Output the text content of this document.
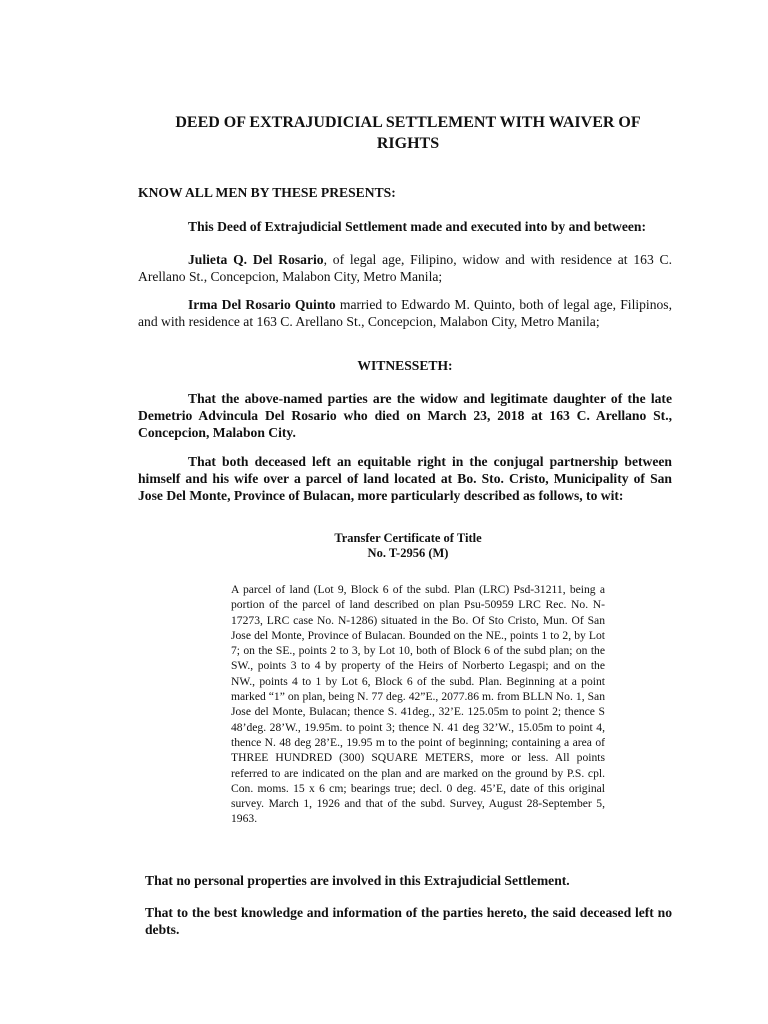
DEED OF EXTRAJUDICIAL SETTLEMENT WITH WAIVER OF
RIGHTS
KNOW ALL MEN BY THESE PRESENTS:
This Deed of Extrajudicial Settlement made and executed into by and between:
Julieta Q. Del Rosario, of legal age, Filipino, widow and with residence at 163 C. Arellano St., Concepcion, Malabon City, Metro Manila;
Irma Del Rosario Quinto married to Edwardo M. Quinto, both of legal age, Filipinos, and with residence at 163 C. Arellano St., Concepcion, Malabon City, Metro Manila;
WITNESSETH:
That the above-named parties are the widow and legitimate daughter of the late Demetrio Advincula Del Rosario who died on March 23, 2018 at 163 C. Arellano St., Concepcion, Malabon City.
That both deceased left an equitable right in the conjugal partnership between himself and his wife over a parcel of land located at Bo. Sto. Cristo, Municipality of San Jose Del Monte, Province of Bulacan, more particularly described as follows, to wit:
Transfer Certificate of Title
No. T-2956 (M)
A parcel of land (Lot 9, Block 6 of the subd. Plan (LRC) Psd-31211, being a portion of the parcel of land described on plan Psu-50959 LRC Rec. No. N-17273, LRC case No. N-1286) situated in the Bo. Of Sto Cristo, Mun. Of San Jose del Monte, Province of Bulacan. Bounded on the NE., points 1 to 2, by Lot 7; on the SE., points 2 to 3, by Lot 10, both of Block 6 of the subd plan; on the SW., points 3 to 4 by property of the Heirs of Norberto Legaspi; and on the NW., points 4 to 1 by Lot 6, Block 6 of the subd. Plan. Beginning at a point marked “1” on plan, being N. 77 deg. 42”E., 2077.86 m. from BLLN No. 1, San Jose del Monte, Bulacan; thence S. 41deg., 32’E. 125.05m to point 2; thence S 48’deg. 28’W., 19.95m. to point 3; thence N. 41 deg 32’W., 15.05m to point 4, thence N. 48 deg 28’E., 19.95 m to the point of beginning; containing a area of THREE HUNDRED (300) SQUARE METERS, more or less. All points referred to are indicated on the plan and are marked on the ground by P.S. cpl. Con. moms. 15 x 6 cm; bearings true; decl. 0 deg. 45’E, date of this original survey. March 1, 1926 and that of the subd. Survey, August 28-September 5, 1963.
That no personal properties are involved in this Extrajudicial Settlement.
That to the best knowledge and information of the parties hereto, the said deceased left no debts.
